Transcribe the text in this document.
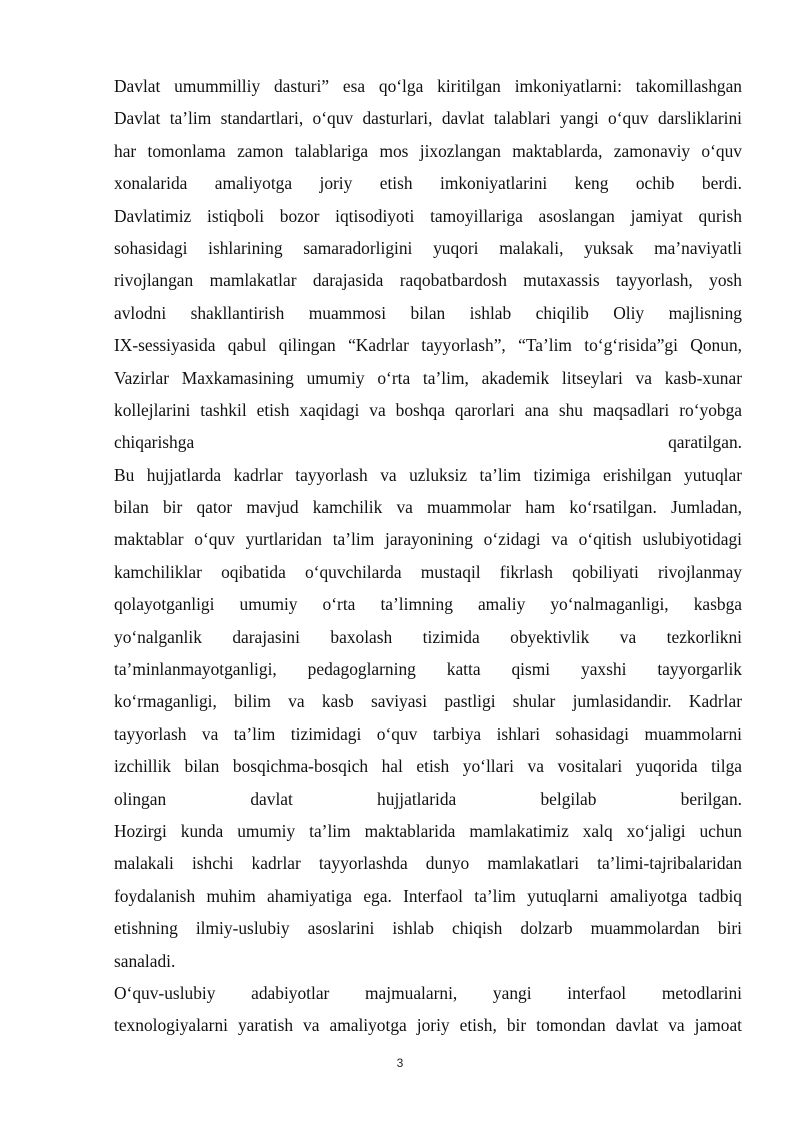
Davlat umummilliy dasturi” esa qo‘lga kiritilgan imkoniyatlarni: takomillashgan
Davlat ta’lim standartlari, o‘quv dasturlari, davlat talablari yangi o‘quv darsliklarini
har tomonlama zamon talablariga mos jixozlangan maktablarda, zamonaviy o‘quv
xonalarida amaliyotga joriy etish imkoniyatlarini keng ochib berdi.
Davlatimiz istiqboli bozor iqtisodiyoti tamoyillariga asoslangan jamiyat qurish
sohasidagi ishlarining samaradorligini yuqori malakali, yuksak ma’naviyatli
rivojlangan mamlakatlar darajasida raqobatbardosh mutaxassis tayyorlash, yosh
avlodni shakllantirish muammosi bilan ishlab chiqilib Oliy majlisning
IX-sessiyasida qabul qilingan “Kadrlar tayyorlash”, “Ta’lim to‘g‘risida”gi Qonun,
Vazirlar Maxkamasining umumiy o‘rta ta’lim, akademik litseylari va kasb-xunar
kollejlarini tashkil etish xaqidagi va boshqa qarorlari ana shu maqsadlari ro‘yobga
chiqarishga qaratilgan.
Bu hujjatlarda kadrlar tayyorlash va uzluksiz ta’lim tizimiga erishilgan yutuqlar
bilan bir qator mavjud kamchilik va muammolar ham ko‘rsatilgan. Jumladan,
maktablar o‘quv yurtlaridan ta’lim jarayonining o‘zidagi va o‘qitish uslubiyotidagi
kamchiliklar oqibatida o‘quvchilarda mustaqil fikrlash qobiliyati rivojlanmay
qolayotganligi umumiy o‘rta ta’limning amaliy yo‘nalmaganligi, kasbga
yo‘nalganlik darajasini baxolash tizimida obyektivlik va tezkorlikni
ta’minlanmayotganligi, pedagoglarning katta qismi yaxshi tayyorgarlik
ko‘rmaganligi, bilim va kasb saviyasi pastligi shular jumlasidandir. Kadrlar
tayyorlash va ta’lim tizimidagi o‘quv tarbiya ishlari sohasidagi muammolarni
izchillik bilan bosqichma-bosqich hal etish yo‘llari va vositalari yuqorida tilga
olingan davlat hujjatlarida belgilab berilgan.
Hozirgi kunda umumiy ta’lim maktablarida mamlakatimiz xalq xo‘jaligi uchun
malakali ishchi kadrlar tayyorlashda dunyo mamlakatlari ta’limi-tajribalaridan
foydalanish muhim ahamiyatiga ega. Interfaol ta’lim yutuqlarni amaliyotga tadbiq
etishning ilmiy-uslubiy asoslarini ishlab chiqish dolzarb muammolardan biri
sanaladi.
O‘quv-uslubiy adabiyotlar majmualarni, yangi interfaol metodlarini
texnologiyalarni yaratish va amaliyotga joriy etish, bir tomondan davlat va jamoat
3
